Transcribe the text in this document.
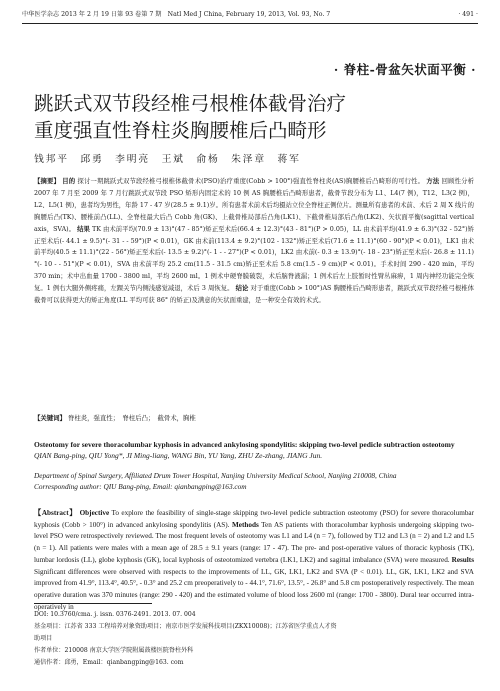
中华医学杂志 2013 年 2 月 19 日第 93 卷第 7 期　Natl Med J China, February 19, 2013, Vol. 93, No. 7	· 491 ·
· 脊柱-骨盆矢状面平衡 ·
跳跃式双节段经椎弓根椎体截骨治疗
重度强直性脊柱炎胸腰椎后凸畸形
钱邦平　邱勇　李明亮　王斌　俞杨　朱泽章　蒋军
【摘要】 目的 探讨一期跳跃式双节段经椎弓根椎体截骨术(PSO)治疗重度(Cobb > 100°)强直性脊柱炎(AS)胸腰椎后凸畸形的可行性。 方法 回顾性分析 2007 年 7 月至 2009 年 7 月行跳跃式双节段 PSO 矫形内固定术的 10 例 AS 胸腰椎后凸畸形患者，截骨节段分布为 L1、L4(7 例)，T12、L3(2 例)，L2、L5(1 例)，患者均为男性，年龄 17 - 47 岁(28.5 ± 9.1)岁。所有患者术前术后均摄站立位全脊柱正侧位片。测量所有患者的术前、术后 2 周 X 线片的胸腰后凸(TK)、腰椎前凸(LL)、全脊柱最大后凸 Cobb 角(GK)、上截骨椎局部后凸角(LK1)、下截骨椎局部后凸角(LK2)、矢状面平衡(sagittal vertical axis，SVA)。 结果 TK 由术前平均(70.9 ± 13)°(47 - 85°)矫正至术后(66.4 ± 12.3)°(43 - 81°)(P > 0.05)，LL 由术前平均(41.9 ± 6.3)°(32 - 52°)矫正至术后(- 44.1 ± 9.5)°(- 31 - - 59°)(P < 0.01)，GK 由术前(113.4 ± 9.2)°(102 - 132°)矫正至术后(71.6 ± 11.1)°(60 - 90°)(P < 0.01)，LK1 由术前平均(40.5 ± 11.1)°(22 - 56°)矫正至术后(- 13.5 ± 9.2)°(- 1 - - 27°)(P < 0.01)，LK2 由术前(- 0.3 ± 13.9)°(- 18 - 23°)矫正至术后(- 26.8 ± 11.1)°(- 10 - - 51°)(P < 0.01)，SVA 由术前平均 25.2 cm(11.5 - 31.5 cm)矫正至术后 5.8 cm(1.5 - 9 cm)(P < 0.01)。手术时间 290 - 420 min，平均 370 min；术中出血量 1700 - 3800 ml，平均 2600 ml。1 例术中硬脊膜破裂，术后脑脊液漏；1 例术后左上肢暂时性臂丛麻痹，1 周内神经功能完全恢复。1 例右大腿外侧疼痛，左踝关节内侧浅感觉减退，术后 3 周恢复。 结论 对于重度(Cobb > 100°)AS 胸腰椎后凸畸形患者，跳跃式双节段经椎弓根椎体截骨可以获得更大的矫正角度(LL 平均可获 86° 的矫正)及满意的矢状面重建，是一种安全有效的术式。
【关键词】 脊柱炎，强直性；　脊柱后凸；　截骨术，胸椎
Osteotomy for severe thoracolumbar kyphosis in advanced ankylosing spondylitis: skipping two-level pedicle subtraction osteotomy QIAN Bang-ping, QIU Yong*, JI Ming-liang, WANG Bin, YU Yang, ZHU Ze-zhang, JIANG Jun.
Department of Spinal Surgery, Affiliated Drum Tower Hospital, Nanjing University Medical School, Nanjing 210008, China
Corresponding author: QIU Bang-ping, Email: qianbangping@163.com
【Abstract】 Objective To explore the feasibility of single-stage skipping two-level pedicle subtraction osteotomy (PSO) for severe thoracolumbar kyphosis (Cobb > 100°) in advanced ankylosing spondylitis (AS). Methods Ten AS patients with thoracolumbar kyphosis undergoing skipping two-level PSO were retrospectively reviewed. The most frequent levels of osteotomy was L1 and L4 (n = 7), followed by T12 and L3 (n = 2) and L2 and L5 (n = 1). All patients were males with a mean age of 28.5 ± 9.1 years (range: 17 - 47). The pre- and post-operative values of thoracic kyphosis (TK), lumbar lordosis (LL), globe kyphosis (GK), local kyphosis of osteotomized vertebra (LK1, LK2) and sagittal imbalance (SVA) were measured. Results Significant differences were observed with respects to the improvements of LL, GK, LK1, LK2 and SVA (P < 0.01). LL, GK, LK1, LK2 and SVA improved from 41.9°, 113.4°, 40.5°, - 0.3° and 25.2 cm preoperatively to - 44.1°, 71.6°, 13.5°, - 26.8° and 5.8 cm postoperatively respectively. The mean operative duration was 370 minutes (range: 290 - 420) and the estimated volume of blood loss 2600 ml (range: 1700 - 3800). Dural tear occurred intra-operatively in
DOI: 10.3760/cma. j. issn. 0376-2491. 2013. 07. 004
基金项目：江苏省 333 工程培养对象资助项目；南京市医学发展科技项目(ZKX10008)；江苏省医学重点人才资
助项目
作者单位：210008 南京大学医学院附属鼓楼医院脊柱外科
通信作者：邱勇，Email：qianbangping@163. com
